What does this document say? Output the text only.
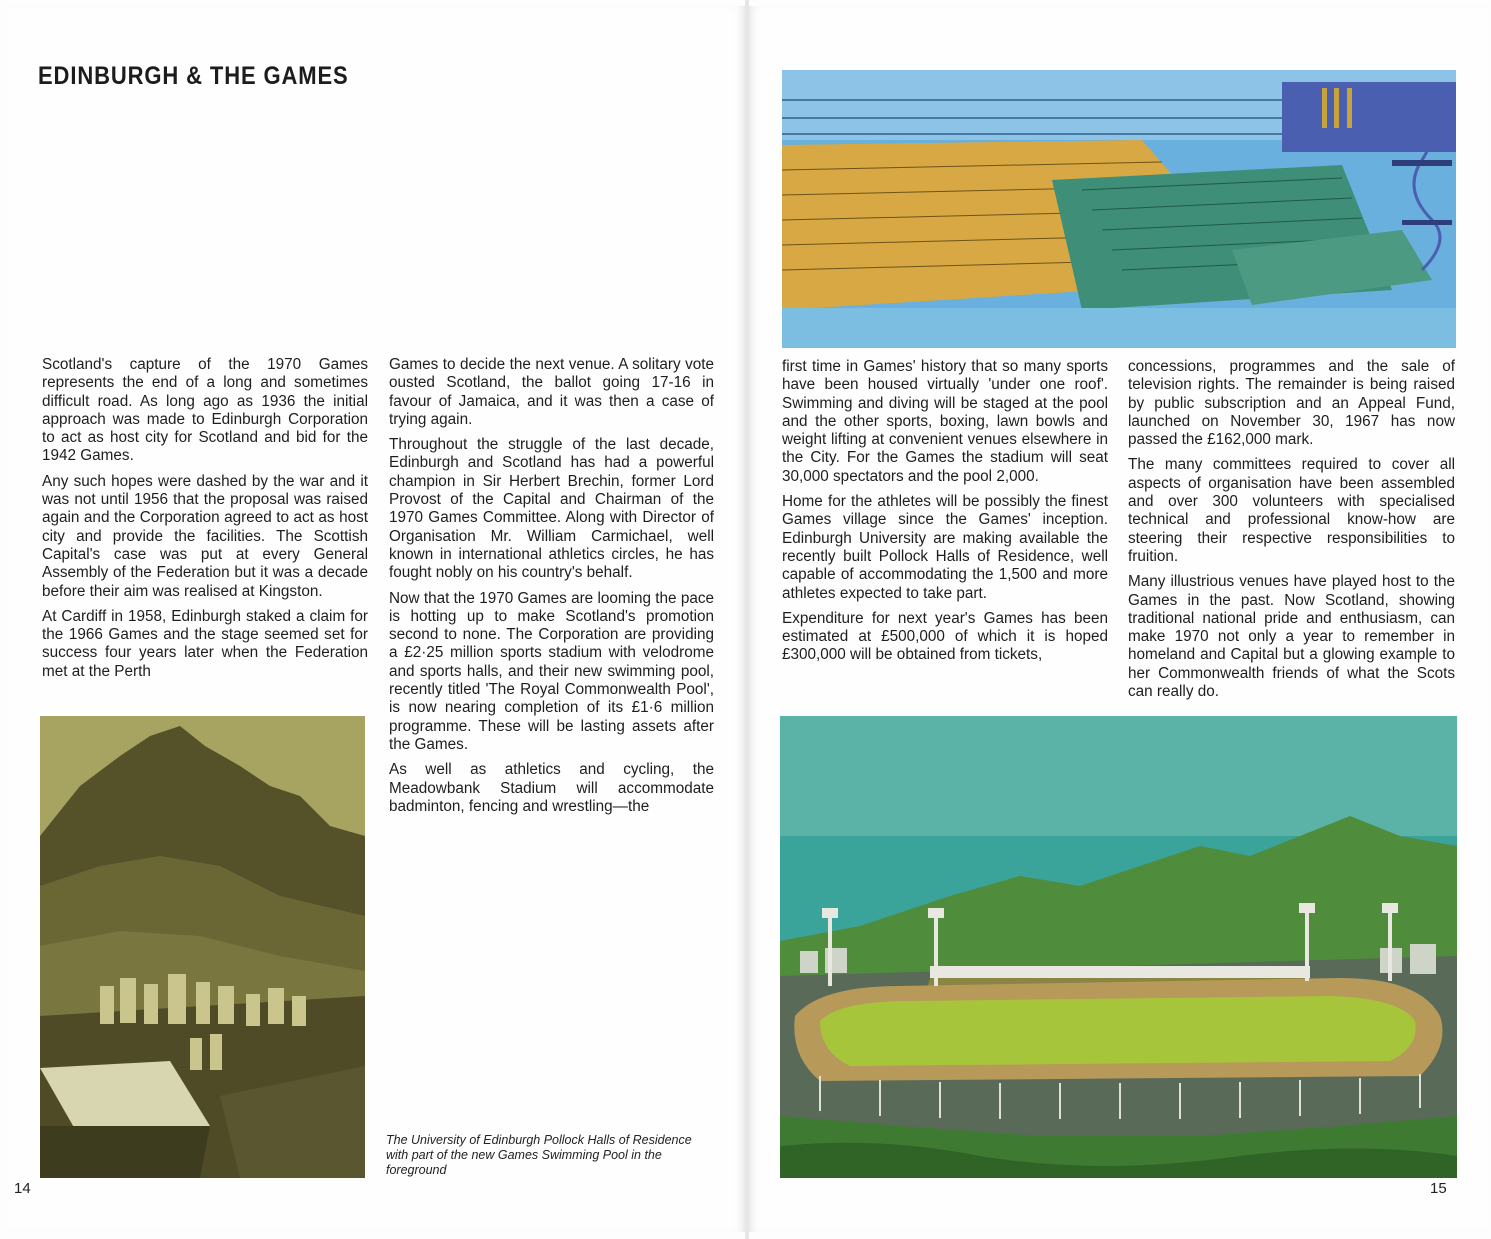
EDINBURGH & THE GAMES

Scotland's capture of the 1970 Games represents the end of a long and sometimes difficult road. As long ago as 1936 the initial approach was made to Edinburgh Corporation to act as host city for Scotland and bid for the 1942 Games.

Any such hopes were dashed by the war and it was not until 1956 that the proposal was raised again and the Corporation agreed to act as host city and provide the facilities. The Scottish Capital's case was put at every General Assembly of the Federation but it was a decade before their aim was realised at Kingston.

At Cardiff in 1958, Edinburgh staked a claim for the 1966 Games and the stage seemed set for success four years later when the Federation met at the Perth

Games to decide the next venue. A solitary vote ousted Scotland, the ballot going 17-16 in favour of Jamaica, and it was then a case of trying again.

Throughout the struggle of the last decade, Edinburgh and Scotland has had a powerful champion in Sir Herbert Brechin, former Lord Provost of the Capital and Chairman of the 1970 Games Committee. Along with Director of Organisation Mr. William Carmichael, well known in international athletics circles, he has fought nobly on his country's behalf.

Now that the 1970 Games are looming the pace is hotting up to make Scotland's promotion second to none. The Corporation are providing a £2·25 million sports stadium with velodrome and sports halls, and their new swimming pool, recently titled 'The Royal Commonwealth Pool', is now nearing completion of its £1·6 million programme. These will be lasting assets after the Games.

As well as athletics and cycling, the Meadowbank Stadium will accommodate badminton, fencing and wrestling—the

first time in Games' history that so many sports have been housed virtually 'under one roof'. Swimming and diving will be staged at the pool and the other sports, boxing, lawn bowls and weight lifting at convenient venues elsewhere in the City. For the Games the stadium will seat 30,000 spectators and the pool 2,000.

Home for the athletes will be possibly the finest Games village since the Games' inception. Edinburgh University are making available the recently built Pollock Halls of Residence, well capable of accommodating the 1,500 and more athletes expected to take part.

Expenditure for next year's Games has been estimated at £500,000 of which it is hoped £300,000 will be obtained from tickets,

concessions, programmes and the sale of television rights. The remainder is being raised by public subscription and an Appeal Fund, launched on November 30, 1967 has now passed the £162,000 mark.

The many committees required to cover all aspects of organisation have been assembled and over 300 volunteers with specialised technical and professional know-how are steering their respective responsibilities to fruition.

Many illustrious venues have played host to the Games in the past. Now Scotland, showing traditional national pride and enthusiasm, can make 1970 not only a year to remember in homeland and Capital but a glowing example to her Commonwealth friends of what the Scots can really do.

The University of Edinburgh Pollock Halls of Residence with part of the new Games Swimming Pool in the foreground
14	15
